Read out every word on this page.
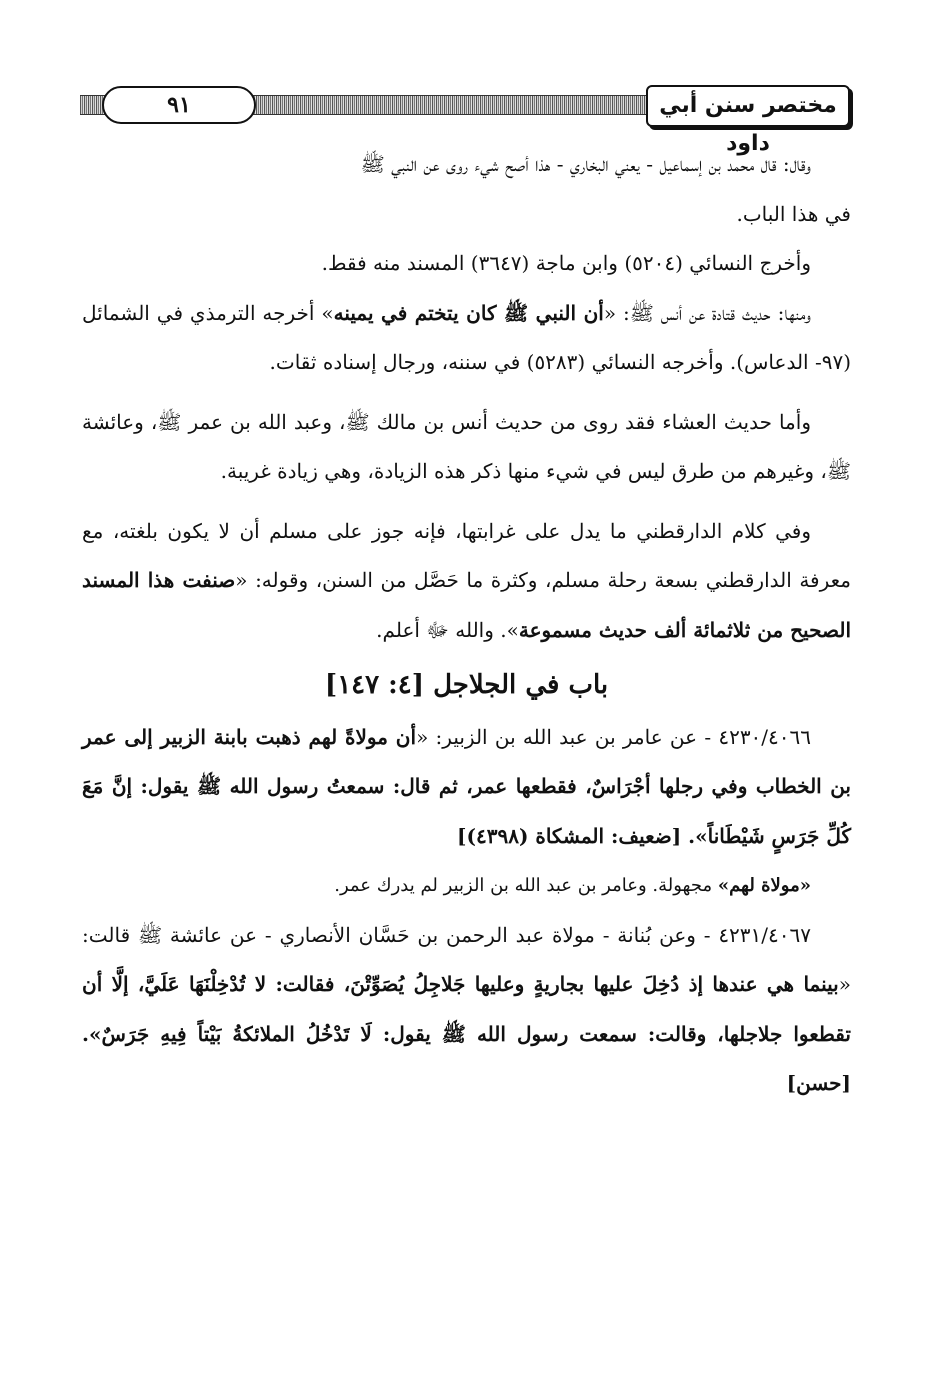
٩١	مختصر سنن أبي داود

وقال: قال محمد بن إسماعيل - يعني البخاري - هذا أصح شيء روى عن النبي ﷺ
في هذا الباب.

وأخرج النسائي (٥٢٠٤) وابن ماجة (٣٦٤٧) المسند منه فقط.

ومنها: حديث قتادة عن أنس ﷺ: «أن النبي ﷺ كان يتختم في يمينه» أخرجه الترمذي في الشمائل (٩٧- الدعاس). وأخرجه النسائي (٥٢٨٣) في سننه، ورجال إسناده ثقات.

وأما حديث العشاء فقد روى من حديث أنس بن مالك ﷺ، وعبد الله بن عمر ﷺ، وعائشة ﷺ، وغيرهم من طرق ليس في شيء منها ذكر هذه الزيادة، وهي زيادة غريبة.

وفي كلام الدارقطني ما يدل على غرابتها، فإنه جوز على مسلم أن لا يكون بلغته، مع معرفة الدارقطني بسعة رحلة مسلم، وكثرة ما حَصَّل من السنن، وقوله: «صنفت هذا المسند الصحيح من ثلاثمائة ألف حديث مسموعة». والله ﷻ أعلم.

باب في الجلاجل [٤: ١٤٧]

٤٢٣٠/٤٠٦٦ - عن عامر بن عبد الله بن الزبير: «أن مولاةً لهم ذهبت بابنة الزبير إلى عمر بن الخطاب وفي رجلها أجْرَاسٌ، فقطعها عمر، ثم قال: سمعتُ رسول الله ﷺ يقول: إنَّ مَعَ كُلِّ جَرَسٍ شَيْطَاناً». [ضعيف: المشكاة (٤٣٩٨)]

«مولاة لهم» مجهولة. وعامر بن عبد الله بن الزبير لم يدرك عمر.

٤٢٣١/٤٠٦٧ - وعن بُنانة - مولاة عبد الرحمن بن حَسَّان الأنصاري - عن عائشة ﷺ قالت: «بينما هي عندها إذ دُخِلَ عليها بجاريةٍ وعليها جَلاجِلُ يُصَوِّتْنَ، فقالت: لا تُدْخِلْنَهَا عَلَيَّ، إلَّا أن تقطعوا جلاجلها، وقالت: سمعت رسول الله ﷺ يقول: لَا تَدْخُلُ الملائكةُ بَيْتاً فِيهِ جَرَسٌ». [حسن]
